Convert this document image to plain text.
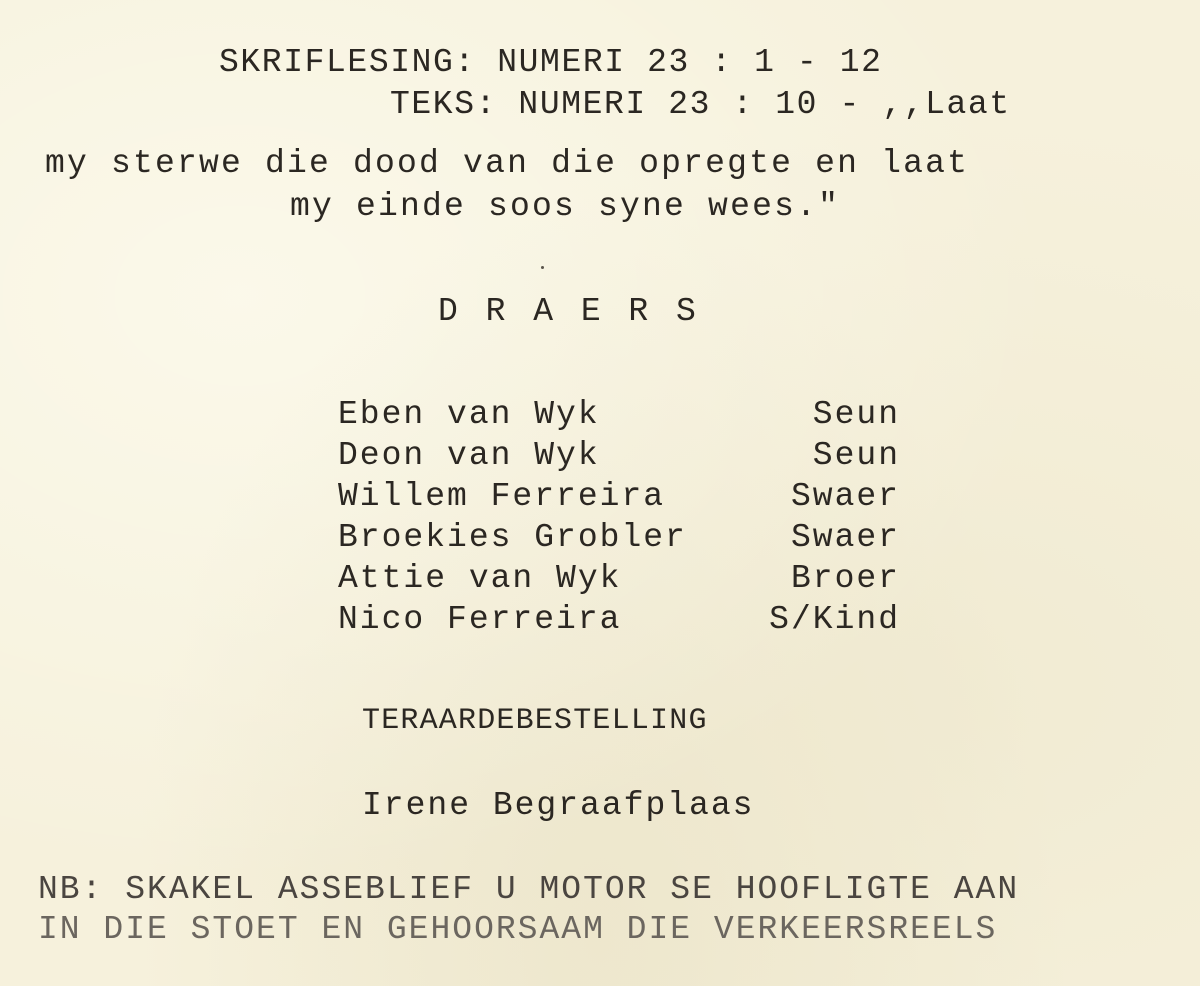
SKRIFLESING: NUMERI 23 : 1 - 12
TEKS: NUMERI 23 : 10 - ,,Laat
my sterwe die dood van die opregte en laat
my einde soos syne wees."
D R A E R S
Eben van Wyk	Seun
Deon van Wyk	Seun
Willem Ferreira	Swaer
Broekies Grobler	Swaer
Attie van Wyk	Broer
Nico Ferreira	S/Kind
TERAARDEBESTELLING
Irene Begraafplaas
NB: SKAKEL ASSEBLIEF U MOTOR SE HOOFLIGTE AAN
IN DIE STOET EN GEHOORSAAM DIE VERKEERSREELS
